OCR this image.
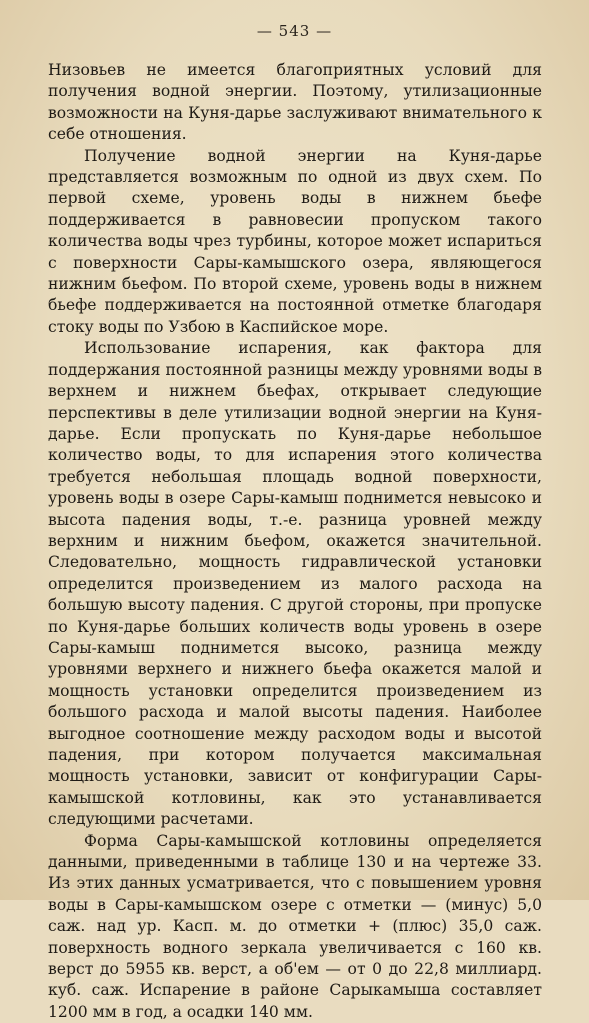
— 543 —

Низовьев не имеется благоприятных условий для получения водной энергии. Поэтому, утилизационные возможности на Куня-дарье заслуживают внимательного к себе отношения.

Получение водной энергии на Куня-дарье представляется возможным по одной из двух схем. По первой схеме, уровень воды в нижнем бьефе поддерживается в равновесии пропуском такого количества воды чрез турбины, которое может испариться с поверхности Сары-камышского озера, являющегося нижним бьефом. По второй схеме, уровень воды в нижнем бьефе поддерживается на постоянной отметке благодаря стоку воды по Узбою в Каспийское море.

Использование испарения, как фактора для поддержания постоянной разницы между уровнями воды в верхнем и нижнем бьефах, открывает следующие перспективы в деле утилизации водной энергии на Куня-дарье. Если пропускать по Куня-дарье небольшое количество воды, то для испарения этого количества требуется небольшая площадь водной поверхности, уровень воды в озере Сары-камыш поднимется невысоко и высота падения воды, т.-е. разница уровней между верхним и нижним бьефом, окажется значительной. Следовательно, мощность гидравлической установки определится произведением из малого расхода на большую высоту падения. С другой стороны, при пропуске по Куня-дарье больших количеств воды уровень в озере Сары-камыш поднимется высоко, разница между уровнями верхнего и нижнего бьефа окажется малой и мощность установки определится произведением из большого расхода и малой высоты падения. Наиболее выгодное соотношение между расходом воды и высотой падения, при котором получается максимальная мощность установки, зависит от конфигурации Сары-камышской котловины, как это устанавливается следующими расчетами.

Форма Сары-камышской котловины определяется данными, приведенными в таблице 130 и на чертеже 33. Из этих данных усматривается, что с повышением уровня воды в Сары-камышском озере с отметки — (минус) 5,0 саж. над ур. Касп. м. до отметки + (плюс) 35,0 саж. поверхность водного зеркала увеличивается с 160 кв. верст до 5955 кв. верст, а об'ем — от 0 до 22,8 миллиард. куб. саж. Испарение в районе Сарыкамыша составляет 1200 мм в год, а осадки 140 мм.
